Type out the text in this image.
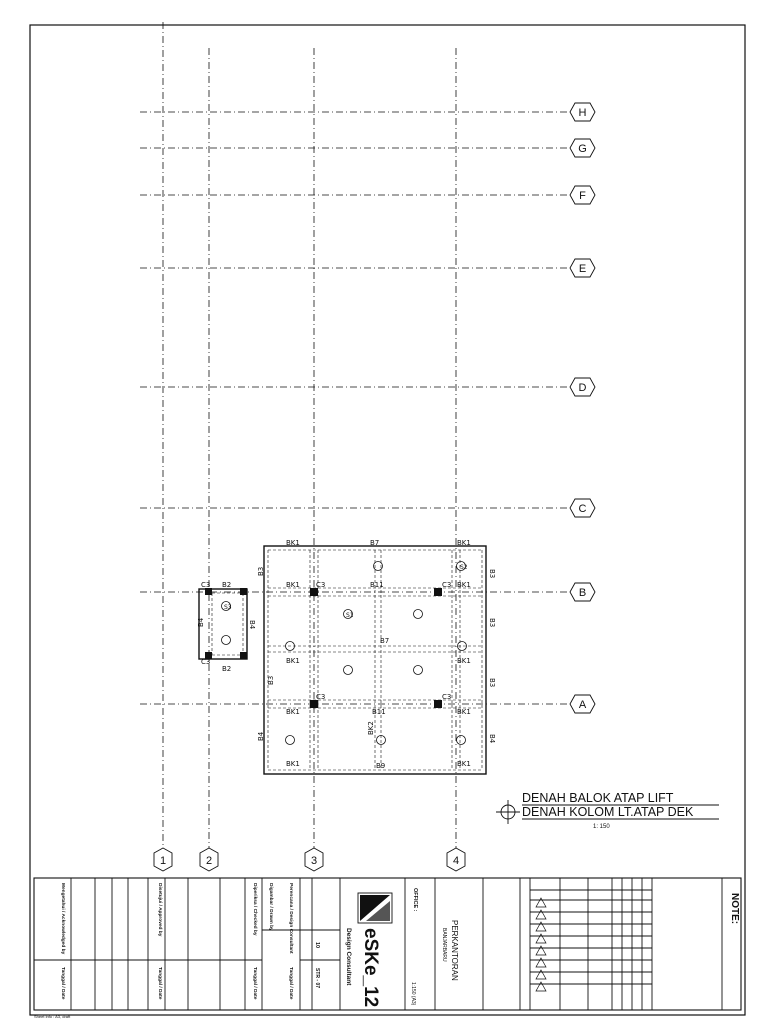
H
G
F
E
D
C
B
A
1	2	3	4
BK1	B7	BK1
B3	B3
BK1 C3	B11	C3 BK1
B7
BK1	BK1
B3
B3	B3
C3	C3
BK1	B11	BK1
B4	B4
BK2
BK1	B9	BK1
C3 B2
B4	B4
C3
B2
S2
S1
S3
DENAH BALOK ATAP LIFT
DENAH KOLOM LT.ATAP DEK
1: 150
NOTE:
eSKe_12
Design Consultant	PERKANTORAN
BANJARBARU
OFFICE :
1:150 (A3)
10
STR - 07
Perencana / Design Consultant
Diperiksa / Checked by
Disetujui / Approved by
Mengetahui / Acknowledged by
Tanggal / Date
Tanggal / Date
Tanggal / Date
Tanggal / Date
Digambar / Drawn by
Sheet info : A3, draft
